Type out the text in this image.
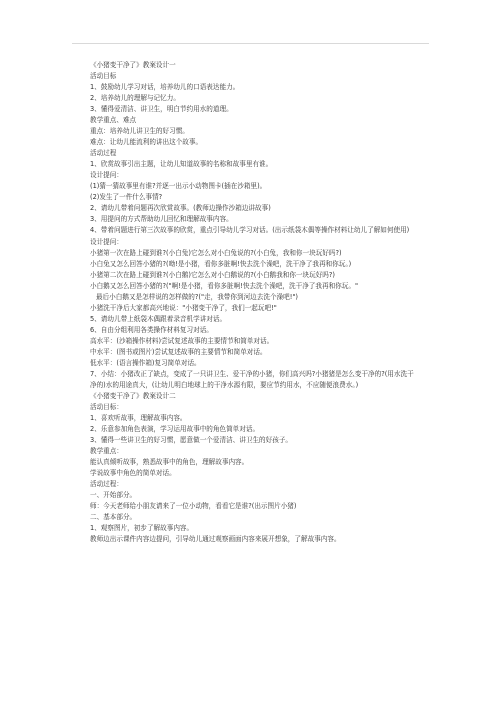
《小猪变干净了》教案设计一
活动目标
1、鼓励幼儿学习对话，培养幼儿的口语表达能力。
2、培养幼儿的理解与记忆力。
3、懂得爱清洁、讲卫生，明白节约用水的道理。
教学重点、难点
重点：培养幼儿讲卫生的好习惯。
难点：让幼儿能流利的讲出这个故事。
活动过程
1、欣赏故事引出主题，让幼儿知道故事的名称和故事里有谁。
设计提问：
(1)猜一猜故事里有谁?并逐一出示小动物图卡(插在沙箱里)。
(2)发生了一件什么事情?
2、请幼儿带着问题再次欣赏故事。(教师边操作沙箱边讲故事)
3、用提问的方式帮助幼儿回忆和理解故事内容。
4、带着问题进行第三次故事的欣赏，重点引导幼儿学习对话。(出示纸袋木偶等操作材料让幼儿了解如何使用)
设计提问：
小猪第一次在路上碰到谁?(小白兔)它怎么对小白兔说的?(小白兔，我和你一块玩好吗?)
小白兔又怎么回答小猪的?(呦!是小猪，看你多脏啊!快去洗个澡吧，洗干净了我再和你玩。)
小猪第二次在路上碰到谁?(小白鹅)它怎么对小白鹅说的?(小白鹅我和你一块玩好吗?)
小白鹅又怎么回答小猪的?("啊!是小猪，看你多脏啊!快去洗个澡吧，洗干净了我再和你玩。"
最后小白鹅又是怎样说的怎样做的?("走，我带你到河边去洗个澡吧!")
小猪洗干净后大家都高兴地说："小猪变干净了，我们一起玩吧!"
5、请幼儿带上纸袋木偶跟着录音机学讲对话。
6、自由分组利用各类操作材料复习对话。
高水平：(沙箱操作材料)尝试复述故事的主要情节和简单对话。
中水平：(图书或图片)尝试复述故事的主要情节和简单对话。
低水平：(语言操作箱)复习简单对话。
7、小结：小猪改正了缺点，变成了一只讲卫生、爱干净的小猪，你们高兴吗?小猪猪是怎么变干净的?(用水洗干净的)水的用途真大，(让幼儿明白地球上的干净水源有限，要应节约用水，不应随便浪费水。)
《小猪变干净了》教案设计二
活动目标：
1、喜欢听故事，理解故事内容。
2、乐意参加角色表演，学习运用故事中的角色简单对话。
3、懂得一些讲卫生的好习惯，愿意做一个爱清洁、讲卫生的好孩子。
教学重点：
能认真倾听故事，熟悉故事中的角色，理解故事内容。
学说故事中角色的简单对话。
活动过程：
一、开始部分。
师：今天老师给小朋友请来了一位小动物，看看它是谁?(出示图片小猪)
二、基本部分。
1、观察图片，初步了解故事内容。
教师边出示课件内容边提问，引导幼儿通过观察画面内容来展开想象，了解故事内容。
